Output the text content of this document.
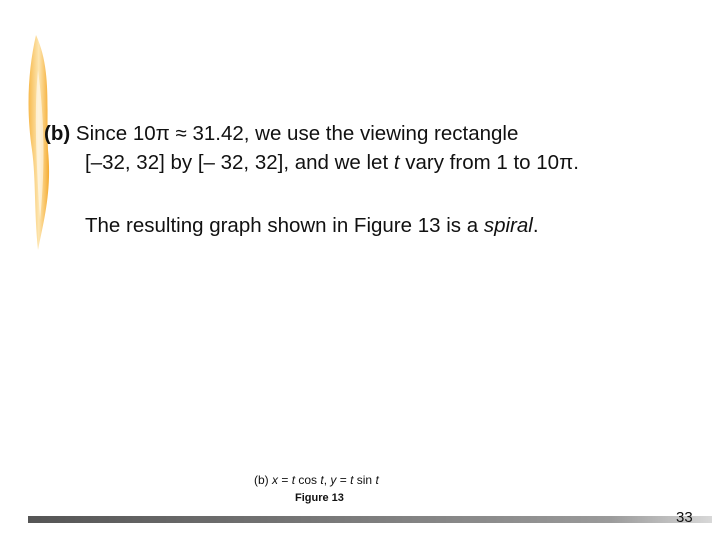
(b) Since 10π ≈ 31.42, we use the viewing rectangle
[–32, 32] by [– 32, 32], and we let t vary from 1 to 10π.
The resulting graph shown in Figure 13 is a spiral.
(b) x = t cos t, y = t sin t
Figure 13
33
